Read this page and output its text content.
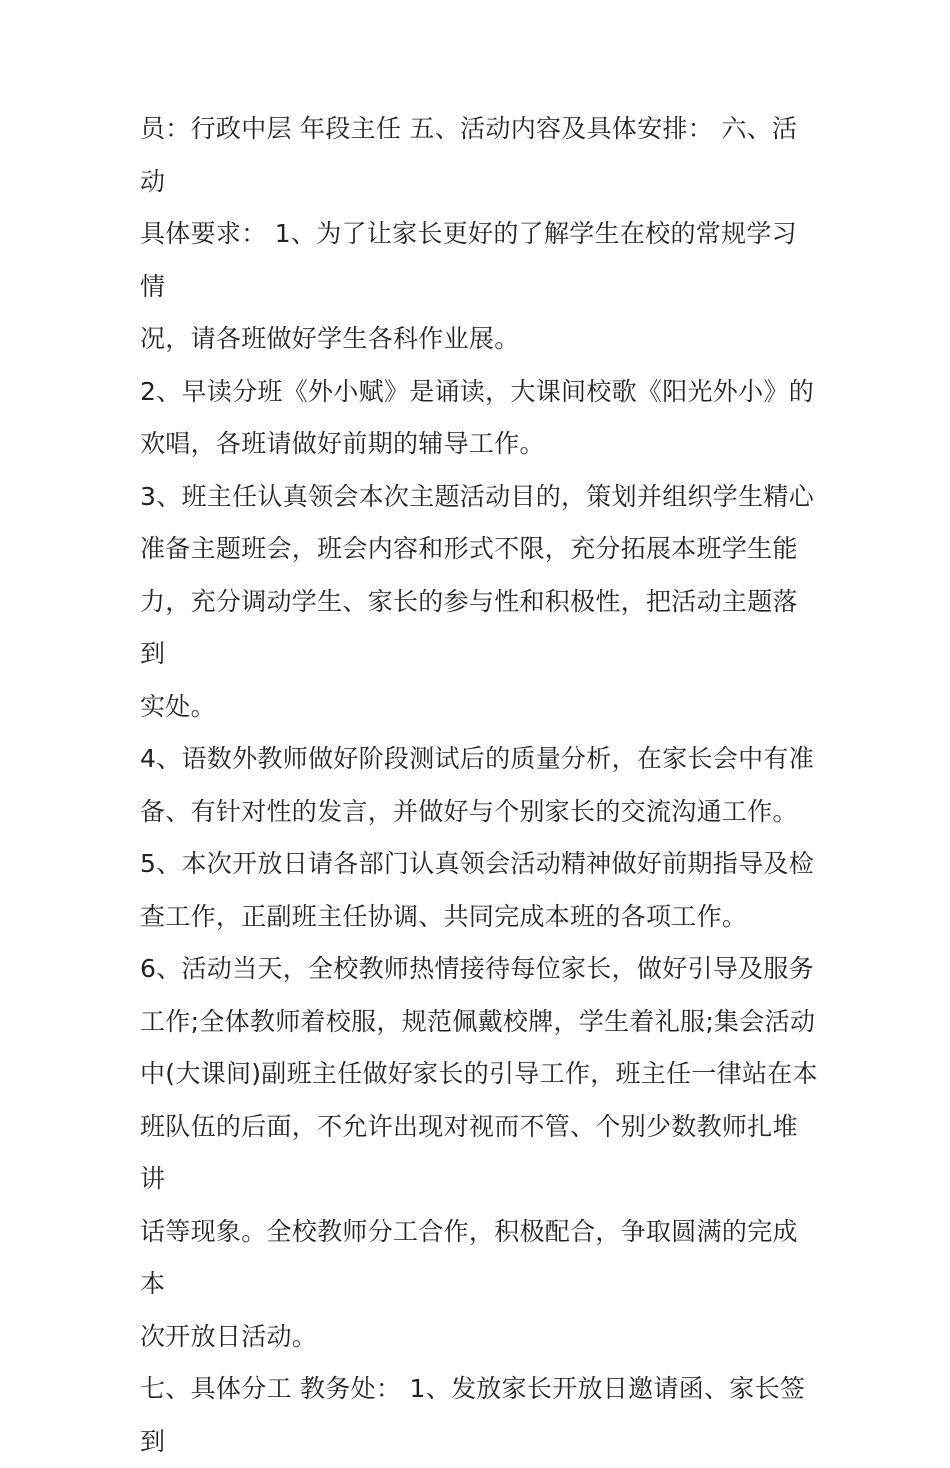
员：行政中层 年段主任 五、活动内容及具体安排： 六、活动
具体要求： 1、为了让家长更好的了解学生在校的常规学习情
况，请各班做好学生各科作业展。

2、早读分班《外小赋》是诵读，大课间校歌《阳光外小》的
欢唱，各班请做好前期的辅导工作。

3、班主任认真领会本次主题活动目的，策划并组织学生精心
准备主题班会，班会内容和形式不限，充分拓展本班学生能
力，充分调动学生、家长的参与性和积极性，把活动主题落到
实处。

4、语数外教师做好阶段测试后的质量分析，在家长会中有准
备、有针对性的发言，并做好与个别家长的交流沟通工作。

5、本次开放日请各部门认真领会活动精神做好前期指导及检
查工作，正副班主任协调、共同完成本班的各项工作。

6、活动当天，全校教师热情接待每位家长，做好引导及服务
工作;全体教师着校服，规范佩戴校牌，学生着礼服;集会活动
中(大课间)副班主任做好家长的引导工作，班主任一律站在本
班队伍的后面，不允许出现对视而不管、个别少数教师扎堆讲
话等现象。全校教师分工合作，积极配合，争取圆满的完成本
次开放日活动。

七、具体分工 教务处： 1、发放家长开放日邀请函、家长签到
